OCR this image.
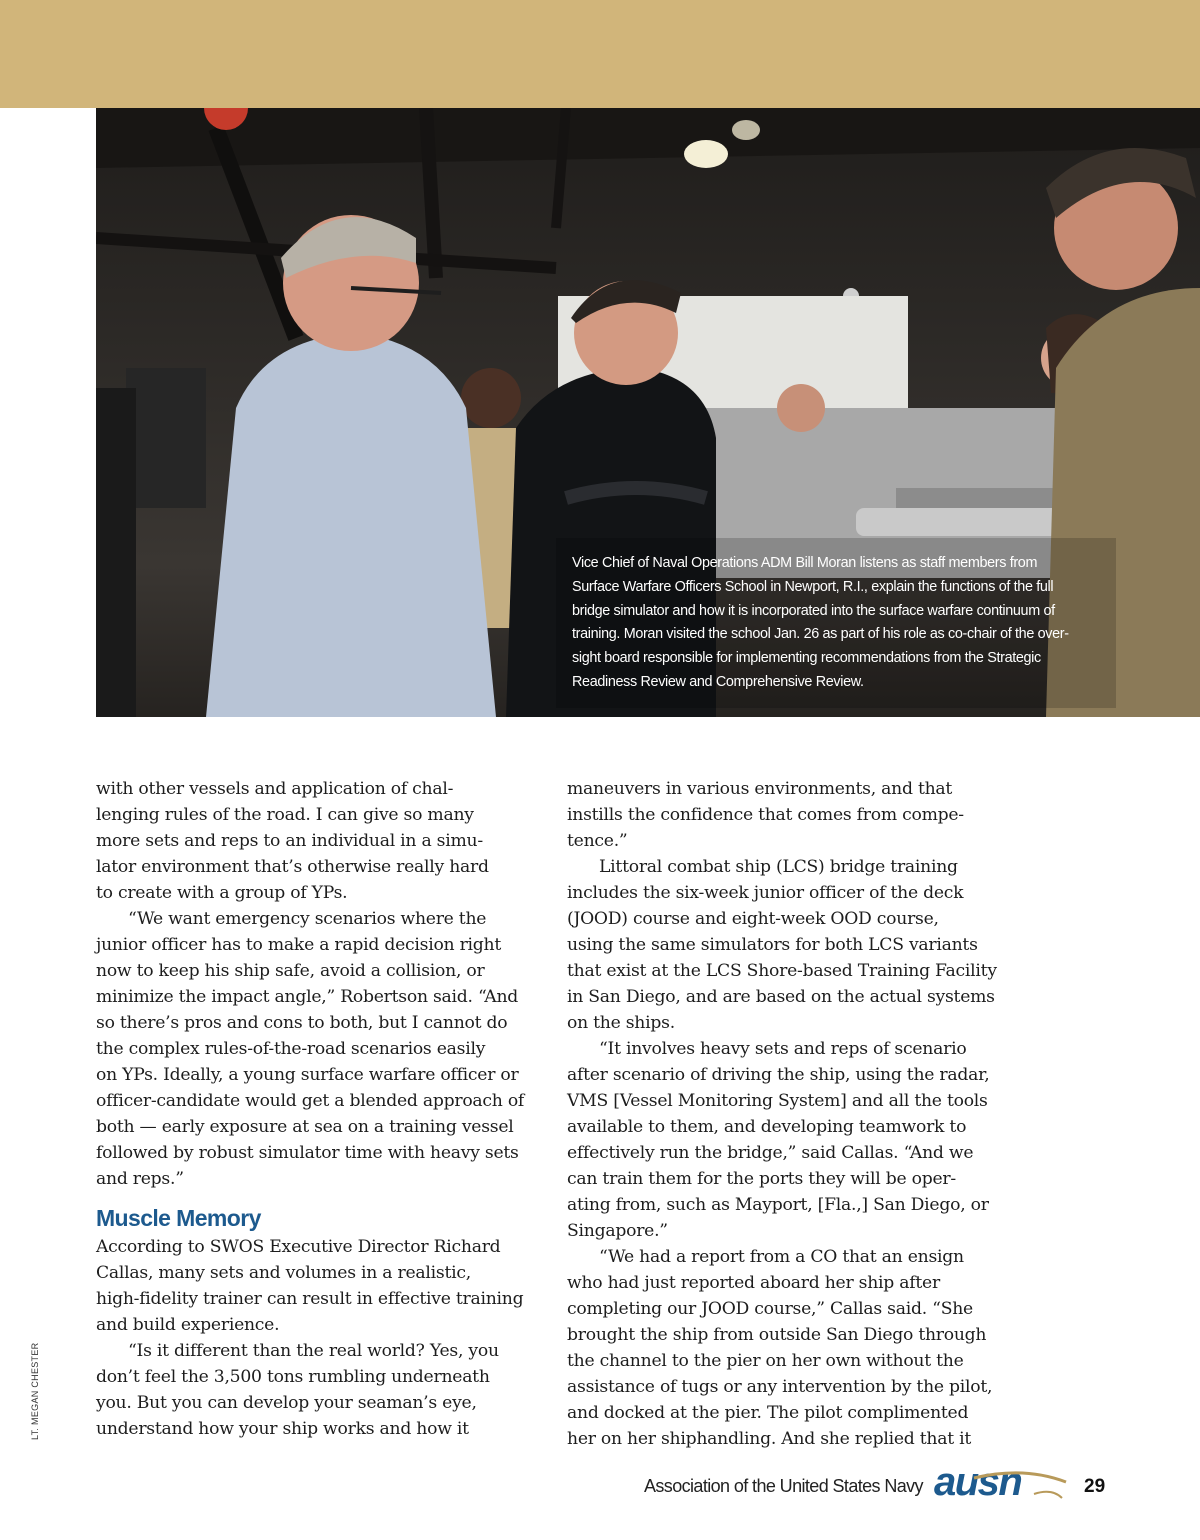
Vice Chief of Naval Operations ADM Bill Moran listens as staff members from
Surface Warfare Officers School in Newport, R.I., explain the functions of the full
bridge simulator and how it is incorporated into the surface warfare continuum of
training. Moran visited the school Jan. 26 as part of his role as co-chair of the over-
sight board responsible for implementing recommendations from the Strategic
Readiness Review and Comprehensive Review.
LT. MEGAN CHESTER
with other vessels and application of chal-
lenging rules of the road. I can give so many
more sets and reps to an individual in a simu-
lator environment that’s otherwise really hard
to create with a group of YPs.
“We want emergency scenarios where the
junior officer has to make a rapid decision right
now to keep his ship safe, avoid a collision, or
minimize the impact angle,” Robertson said. “And
so there’s pros and cons to both, but I cannot do
the complex rules-of-the-road scenarios easily
on YPs. Ideally, a young surface warfare officer or
officer-candidate would get a blended approach of
both — early exposure at sea on a training vessel
followed by robust simulator time with heavy sets
and reps.”
Muscle Memory
According to SWOS Executive Director Richard
Callas, many sets and volumes in a realistic,
high-fidelity trainer can result in effective training
and build experience.
“Is it different than the real world? Yes, you
don’t feel the 3,500 tons rumbling underneath
you. But you can develop your seaman’s eye,
understand how your ship works and how it
maneuvers in various environments, and that
instills the confidence that comes from compe-
tence.”
Littoral combat ship (LCS) bridge training
includes the six-week junior officer of the deck
(JOOD) course and eight-week OOD course,
using the same simulators for both LCS variants
that exist at the LCS Shore-based Training Facility
in San Diego, and are based on the actual systems
on the ships.
“It involves heavy sets and reps of scenario
after scenario of driving the ship, using the radar,
VMS [Vessel Monitoring System] and all the tools
available to them, and developing teamwork to
effectively run the bridge,” said Callas. “And we
can train them for the ports they will be oper-
ating from, such as Mayport, [Fla.,] San Diego, or
Singapore.”
“We had a report from a CO that an ensign
who had just reported aboard her ship after
completing our JOOD course,” Callas said. “She
brought the ship from outside San Diego through
the channel to the pier on her own without the
assistance of tugs or any intervention by the pilot,
and docked at the pier. The pilot complimented
her on her shiphandling. And she replied that it
Association of the United States Navy ausn	29
